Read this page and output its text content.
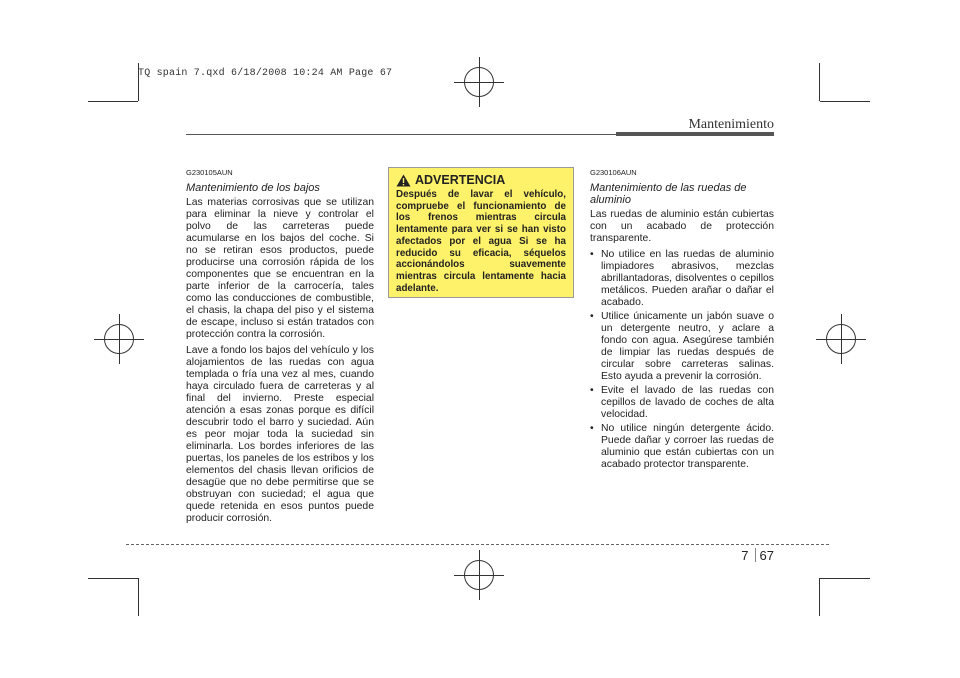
TQ spain 7.qxd 6/18/2008 10:24 AM Page 67
Mantenimiento
G230105AUN
Mantenimiento de los bajos

Las materias corrosivas que se utilizan para eliminar la nieve y controlar el polvo de las carreteras puede acumularse en los bajos del coche. Si no se retiran esos productos, puede producirse una corrosión rápida de los componentes que se encuentran en la parte inferior de la carrocería, tales como las conducciones de combustible, el chasis, la chapa del piso y el sistema de escape, incluso si están tratados con protección contra la corrosión.

Lave a fondo los bajos del vehículo y los alojamientos de las ruedas con agua templada o fría una vez al mes, cuando haya circulado fuera de carreteras y al final del invierno. Preste especial atención a esas zonas porque es difícil descubrir todo el barro y suciedad. Aún es peor mojar toda la suciedad sin eliminarla. Los bordes inferiores de las puertas, los paneles de los estribos y los elementos del chasis llevan orificios de desagüe que no debe permitirse que se obstruyan con suciedad; el agua que quede retenida en esos puntos puede producir corrosión.

ADVERTENCIA

Después de lavar el vehículo, compruebe el funcionamiento de los frenos mientras circula lentamente para ver si se han visto afectados por el agua Si se ha reducido su eficacia, séquelos accionándolos suavemente mientras circula lentamente hacia adelante.

G230106AUN
Mantenimiento de las ruedas de aluminio

Las ruedas de aluminio están cubiertas con un acabado de protección transparente.

• No utilice en las ruedas de aluminio limpiadores abrasivos, mezclas abrillantadoras, disolventes o cepillos metálicos. Pueden arañar o dañar el acabado.
• Utilice únicamente un jabón suave o un detergente neutro, y aclare a fondo con agua. Asegúrese también de limpiar las ruedas después de circular sobre carreteras salinas. Esto ayuda a prevenir la corrosión.
• Evite el lavado de las ruedas con cepillos de lavado de coches de alta velocidad.
• No utilice ningún detergente ácido. Puede dañar y corroer las ruedas de aluminio que están cubiertas con un acabado protector transparente.
7 67
